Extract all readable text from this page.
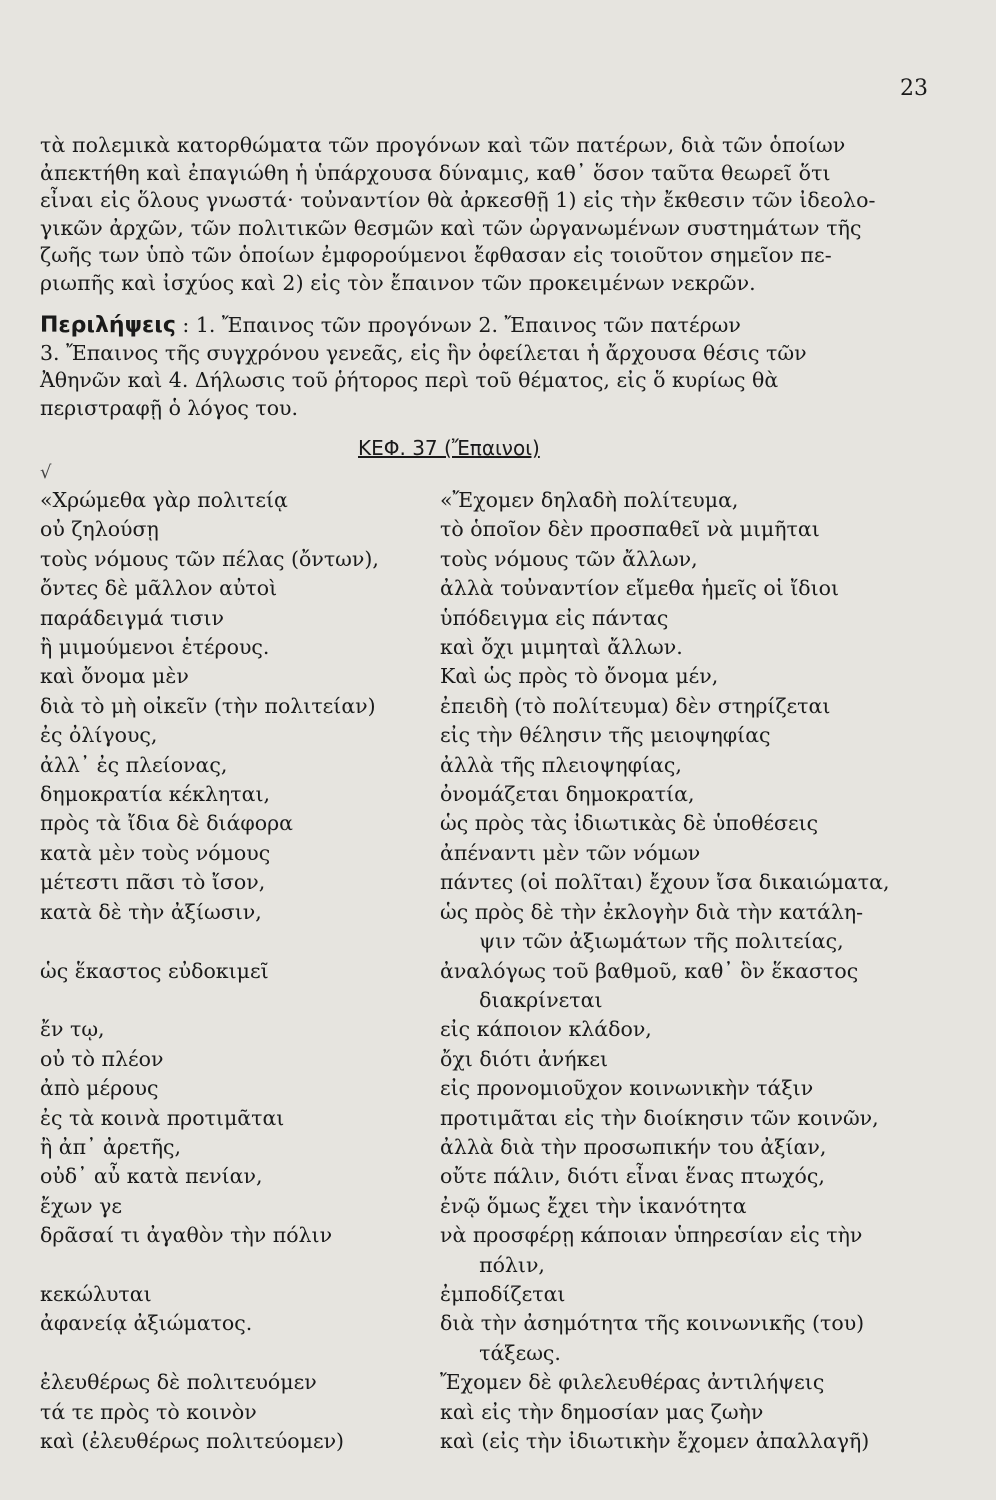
23
τὰ πολεμικὰ κατορθώματα τῶν προγόνων καὶ τῶν πατέρων, διὰ τῶν ὁποίων
ἀπεκτήθη καὶ ἐπαγιώθη ἡ ὑπάρχουσα δύναμις, καθ᾽ ὅσον ταῦτα θεωρεῖ ὅτι
εἶναι εἰς ὅλους γνωστά· τοὐναντίον θὰ ἀρκεσθῇ 1) εἰς τὴν ἔκθεσιν τῶν ἰδεολο-
γικῶν ἀρχῶν, τῶν πολιτικῶν θεσμῶν καὶ τῶν ὠργανωμένων συστημάτων τῆς
ζωῆς των ὑπὸ τῶν ὁποίων ἐμφορούμενοι ἔφθασαν εἰς τοιοῦτον σημεῖον πε-
ριωπῆς καὶ ἰσχύος καὶ 2) εἰς τὸν ἔπαινον τῶν προκειμένων νεκρῶν.
Περιλήψεις : 1. Ἔπαινος τῶν προγόνων 2. Ἔπαινος τῶν πατέρων
3. Ἔπαινος τῆς συγχρόνου γενεᾶς, εἰς ἣν ὀφείλεται ἡ ἄρχουσα θέσις τῶν
Ἀθηνῶν καὶ 4. Δήλωσις τοῦ ῥήτορος περὶ τοῦ θέματος, εἰς ὅ κυρίως θὰ
περιστραφῇ ὁ λόγος του.
ΚΕΦ. 37 (Ἔπαινοι)
√
«Χρώμεθα γὰρ πολιτείᾳ	«Ἔχομεν δηλαδὴ πολίτευμα,
οὐ ζηλούσῃ	τὸ ὁποῖον δὲν προσπαθεῖ νὰ μιμῆται
τοὺς νόμους τῶν πέλας (ὄντων),	τοὺς νόμους τῶν ἄλλων,
ὄντες δὲ μᾶλλον αὐτοὶ	ἀλλὰ τοὐναντίον εἴμεθα ἡμεῖς οἱ ἴδιοι
παράδειγμά τισιν	ὑπόδειγμα εἰς πάντας
ἢ μιμούμενοι ἑτέρους.	καὶ ὄχι μιμηταὶ ἄλλων.
καὶ ὄνομα μὲν	Καὶ ὡς πρὸς τὸ ὄνομα μέν,
διὰ τὸ μὴ οἰκεῖν (τὴν πολιτείαν)	ἐπειδὴ (τὸ πολίτευμα) δὲν στηρίζεται
ἐς ὀλίγους,	εἰς τὴν θέλησιν τῆς μειοψηφίας
ἀλλ᾽ ἐς πλείονας,	ἀλλὰ τῆς πλειοψηφίας,
δημοκρατία κέκληται,	ὀνομάζεται δημοκρατία,
πρὸς τὰ ἴδια δὲ διάφορα	ὡς πρὸς τὰς ἰδιωτικὰς δὲ ὑποθέσεις
κατὰ μὲν τοὺς νόμους	ἀπέναντι μὲν τῶν νόμων
μέτεστι πᾶσι τὸ ἴσον,	πάντες (οἱ πολῖται) ἔχουν ἴσα δικαιώματα,
κατὰ δὲ τὴν ἀξίωσιν,	ὡς πρὸς δὲ τὴν ἐκλογὴν διὰ τὴν κατάλη-
ψιν τῶν ἀξιωμάτων τῆς πολιτείας,
ὡς ἕκαστος εὐδοκιμεῖ	ἀναλόγως τοῦ βαθμοῦ, καθ᾽ ὃν ἕκαστος
διακρίνεται
ἔν τῳ,	εἰς κάποιον κλάδον,
οὐ τὸ πλέον	ὄχι διότι ἀνήκει
ἀπὸ μέρους	εἰς προνομιοῦχον κοινωνικὴν τάξιν
ἐς τὰ κοινὰ προτιμᾶται	προτιμᾶται εἰς τὴν διοίκησιν τῶν κοινῶν,
ἢ ἀπ᾽ ἀρετῆς,	ἀλλὰ διὰ τὴν προσωπικήν του ἀξίαν,
οὐδ᾽ αὖ κατὰ πενίαν,	οὔτε πάλιν, διότι εἶναι ἕνας πτωχός,
ἔχων γε	ἐνῷ ὅμως ἔχει τὴν ἱκανότητα
δρᾶσαί τι ἀγαθὸν τὴν πόλιν	νὰ προσφέρῃ κάποιαν ὑπηρεσίαν εἰς τὴν
πόλιν,
κεκώλυται	ἐμποδίζεται
ἀφανείᾳ ἀξιώματος.	διὰ τὴν ἀσημότητα τῆς κοινωνικῆς (του)
τάξεως.
ἐλευθέρως δὲ πολιτευόμεν	Ἔχομεν δὲ φιλελευθέρας ἀντιλήψεις
τά τε πρὸς τὸ κοινὸν	καὶ εἰς τὴν δημοσίαν μας ζωὴν
καὶ (ἐλευθέρως πολιτεύομεν)	καὶ (εἰς τὴν ἰδιωτικὴν ἔχομεν ἀπαλλαγῆ)
